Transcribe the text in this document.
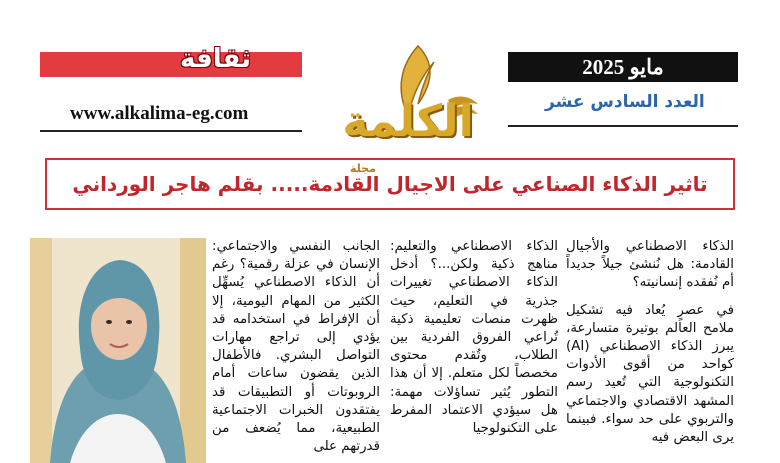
ثقافة	مايو 2025
www.alkalima-eg.com
العدد السادس عشر
الكلمة
مجلة
تاثير الذكاء الصناعي على الاجيال القادمة..... بقلم هاجر الورداني

الذكاء الاصطناعي والأجيال القادمة: هل نُنشئ جيلاً جديداً أم نُفقده إنسانيته؟

في عصرٍ يُعاد فيه تشكيل ملامح العالم بوتيرة متسارعة، يبرز الذكاء الاصطناعي (AI) كواحد من أقوى الأدوات التكنولوجية التي تُعيد رسم المشهد الاقتصادي والاجتماعي والتربوي على حد سواء. فبينما يرى البعض فيه

الذكاء الاصطناعي والتعليم: مناهج ذكية ولكن...؟ أدخل الذكاء الاصطناعي تغييرات جذرية في التعليم، حيث ظهرت منصات تعليمية ذكية تُراعي الفروق الفردية بين الطلاب، وتُقدم محتوى مخصصاً لكل متعلم. إلا أن هذا التطور يُثير تساؤلات مهمة: هل سيؤدي الاعتماد المفرط على التكنولوجيا

الجانب النفسي والاجتماعي: الإنسان في عزلة رقمية؟ رغم أن الذكاء الاصطناعي يُسهِّل الكثير من المهام اليومية، إلا أن الإفراط في استخدامه قد يؤدي إلى تراجع مهارات التواصل البشري. فالأطفال الذين يقضون ساعات أمام الروبوتات أو التطبيقات قد يفتقدون الخبرات الاجتماعية الطبيعية، مما يُضعف من قدرتهم على
